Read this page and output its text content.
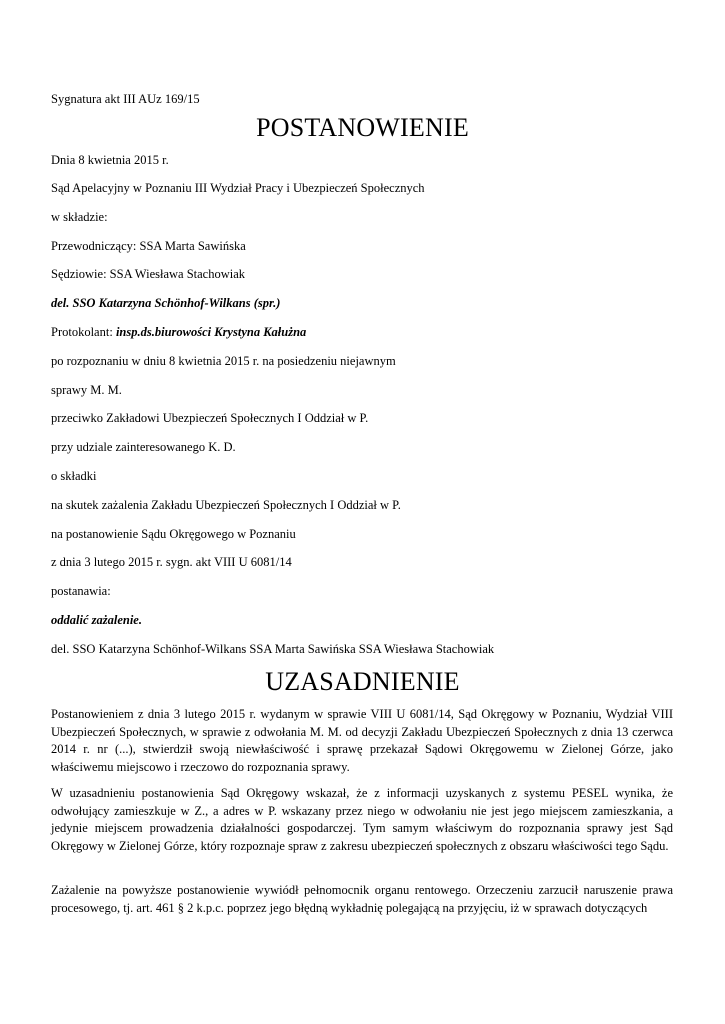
Sygnatura akt III AUz 169/15
POSTANOWIENIE
Dnia 8 kwietnia 2015 r.
Sąd Apelacyjny w Poznaniu III Wydział Pracy i Ubezpieczeń Społecznych
w składzie:
Przewodniczący: SSA Marta Sawińska
Sędziowie: SSA Wiesława Stachowiak
del. SSO Katarzyna Schönhof-Wilkans (spr.)
Protokolant: insp.ds.biurowości Krystyna Kałużna
po rozpoznaniu w dniu 8 kwietnia 2015 r. na posiedzeniu niejawnym
sprawy M. M.
przeciwko Zakładowi Ubezpieczeń Społecznych I Oddział w P.
przy udziale zainteresowanego K. D.
o składki
na skutek zażalenia Zakładu Ubezpieczeń Społecznych I Oddział w P.
na postanowienie Sądu Okręgowego w Poznaniu
z dnia 3 lutego 2015 r. sygn. akt VIII U 6081/14
postanawia:
oddalić zażalenie.
del. SSO Katarzyna Schönhof-Wilkans SSA Marta Sawińska SSA Wiesława Stachowiak
UZASADNIENIE
Postanowieniem z dnia 3 lutego 2015 r. wydanym w sprawie VIII U 6081/14, Sąd Okręgowy w Poznaniu, Wydział VIII Ubezpieczeń Społecznych, w sprawie z odwołania M. M. od decyzji Zakładu Ubezpieczeń Społecznych z dnia 13 czerwca 2014 r. nr (...), stwierdził swoją niewłaściwość i sprawę przekazał Sądowi Okręgowemu w Zielonej Górze, jako właściwemu miejscowo i rzeczowo do rozpoznania sprawy.
W uzasadnieniu postanowienia Sąd Okręgowy wskazał, że z informacji uzyskanych z systemu PESEL wynika, że odwołujący zamieszkuje w Z., a adres w P. wskazany przez niego w odwołaniu nie jest jego miejscem zamieszkania, a jedynie miejscem prowadzenia działalności gospodarczej. Tym samym właściwym do rozpoznania sprawy jest Sąd Okręgowy w Zielonej Górze, który rozpoznaje spraw z zakresu ubezpieczeń społecznych z obszaru właściwości tego Sądu.
Zażalenie na powyższe postanowienie wywiódł pełnomocnik organu rentowego. Orzeczeniu zarzucił naruszenie prawa procesowego, tj. art. 461 § 2 k.p.c. poprzez jego błędną wykładnię polegającą na przyjęciu, iż w sprawach dotyczących
